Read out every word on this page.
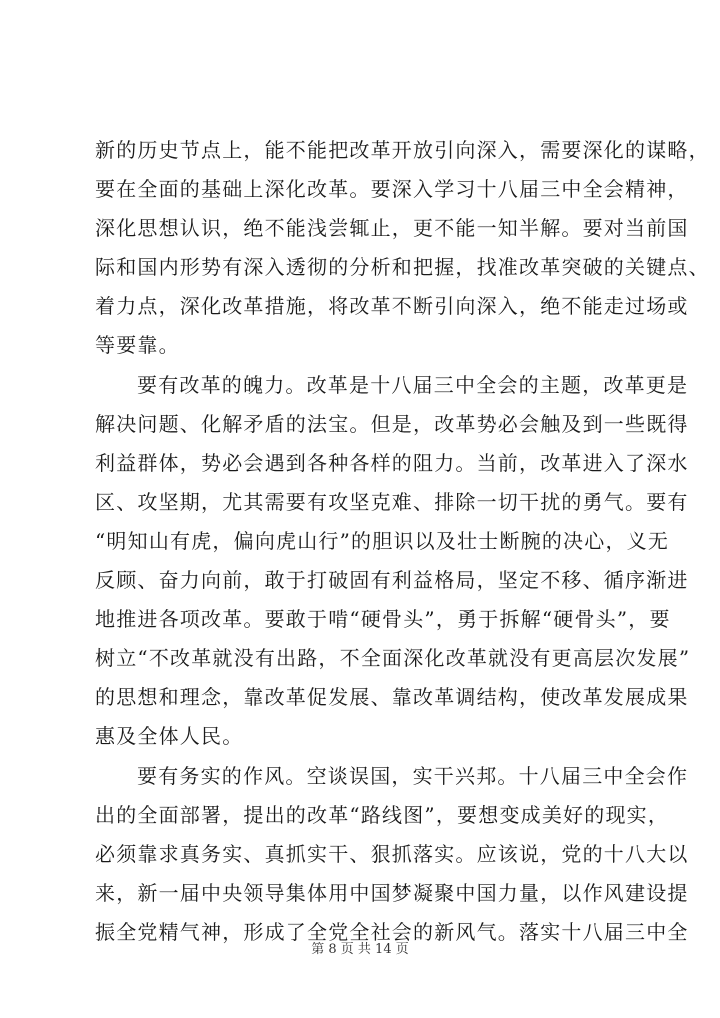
新的历史节点上，能不能把改革开放引向深入，需要深化的谋略，
要在全面的基础上深化改革。要深入学习十八届三中全会精神，
深化思想认识，绝不能浅尝辄止，更不能一知半解。要对当前国
际和国内形势有深入透彻的分析和把握，找准改革突破的关键点、
着力点，深化改革措施，将改革不断引向深入，绝不能走过场或
等要靠。
要有改革的魄力。改革是十八届三中全会的主题，改革更是
解决问题、化解矛盾的法宝。但是，改革势必会触及到一些既得
利益群体，势必会遇到各种各样的阻力。当前，改革进入了深水
区、攻坚期，尤其需要有攻坚克难、排除一切干扰的勇气。要有
“明知山有虎，偏向虎山行”的胆识以及壮士断腕的决心，义无
反顾、奋力向前，敢于打破固有利益格局，坚定不移、循序渐进
地推进各项改革。要敢于啃“硬骨头”，勇于拆解“硬骨头”，要
树立“不改革就没有出路，不全面深化改革就没有更高层次发展”
的思想和理念，靠改革促发展、靠改革调结构，使改革发展成果
惠及全体人民。
要有务实的作风。空谈误国，实干兴邦。十八届三中全会作
出的全面部署，提出的改革“路线图”，要想变成美好的现实，
必须靠求真务实、真抓实干、狠抓落实。应该说，党的十八大以
来，新一届中央领导集体用中国梦凝聚中国力量，以作风建设提
振全党精气神，形成了全党全社会的新风气。落实十八届三中全
第 8 页 共 14 页
